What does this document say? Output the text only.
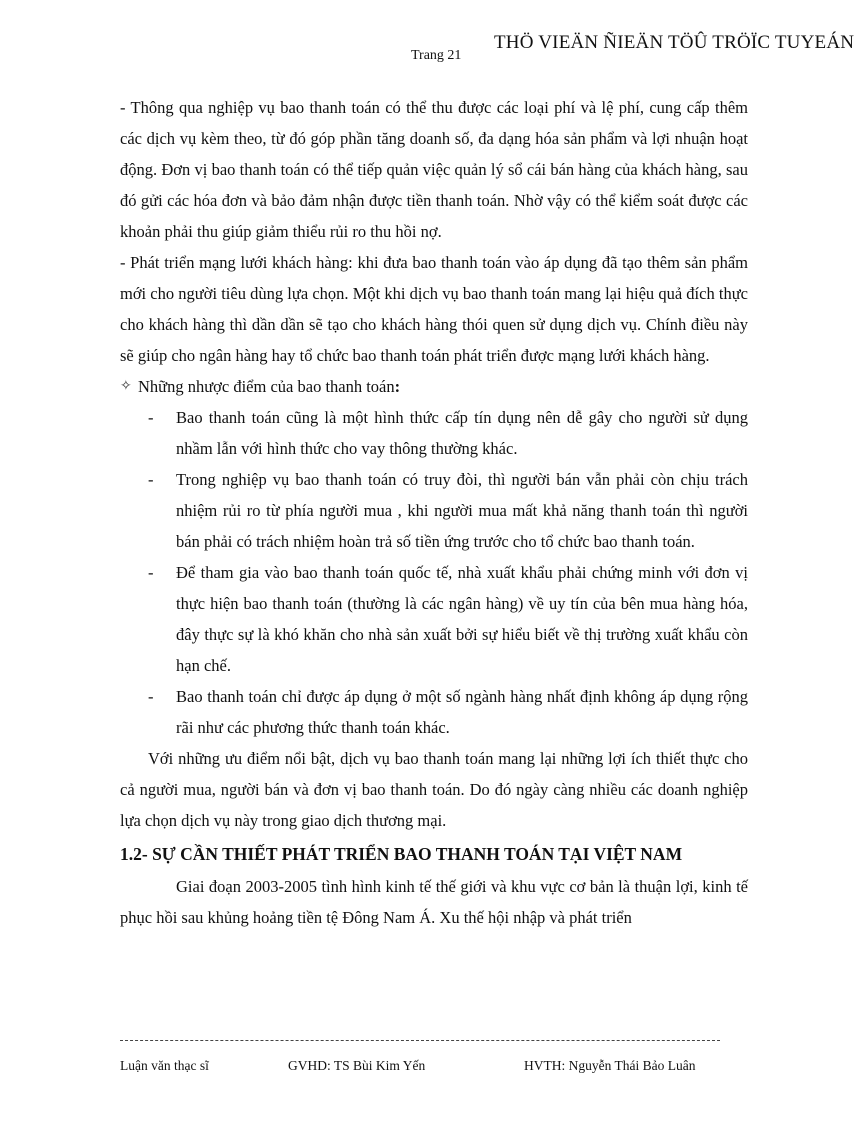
Trang 21
THÖ VIEÄN ÑIEÄN TÖÛ TRÖÏC TUYEÁN

- Thông qua nghiệp vụ bao thanh toán có thể thu được các loại phí và lệ phí, cung cấp thêm các dịch vụ kèm theo, từ đó góp phần tăng doanh số, đa dạng hóa sản phẩm và lợi nhuận hoạt động. Đơn vị bao thanh toán có thể tiếp quản việc quản lý sổ cái bán hàng của khách hàng, sau đó gửi các hóa đơn và bảo đảm nhận được tiền thanh toán. Nhờ vậy có thể kiểm soát được các khoản phải thu giúp giảm thiểu rủi ro thu hồi nợ.

- Phát triển mạng lưới khách hàng: khi đưa bao thanh toán vào áp dụng đã tạo thêm sản phẩm mới cho người tiêu dùng lựa chọn. Một khi dịch vụ bao thanh toán mang lại hiệu quả đích thực cho khách hàng thì dần dần sẽ tạo cho khách hàng thói quen sử dụng dịch vụ. Chính điều này sẽ giúp cho ngân hàng hay tổ chức bao thanh toán phát triển được mạng lưới khách hàng.

✧ Những nhược điểm của bao thanh toán :
-	Bao thanh toán cũng là một hình thức cấp tín dụng nên dễ gây cho người sử dụng nhầm lẫn với hình thức cho vay thông thường khác.
-	Trong nghiệp vụ bao thanh toán có truy đòi, thì người bán vẫn phải còn chịu trách nhiệm rủi ro từ phía người mua , khi người mua mất khả năng thanh toán thì người bán phải có trách nhiệm hoàn trả số tiền ứng trước cho tổ chức bao thanh toán.
-	Để tham gia vào bao thanh toán quốc tế, nhà xuất khẩu phải chứng minh với đơn vị thực hiện bao thanh toán (thường là các ngân hàng) về uy tín của bên mua hàng hóa, đây thực sự là khó khăn cho nhà sản xuất bởi sự hiểu biết về thị trường xuất khẩu còn hạn chế.
-	Bao thanh toán chỉ được áp dụng ở một số ngành hàng nhất định không áp dụng rộng rãi như các phương thức thanh toán khác.

Với những ưu điểm nổi bật, dịch vụ bao thanh toán mang lại những lợi ích thiết thực cho cả người mua, người bán và đơn vị bao thanh toán. Do đó ngày càng nhiều các doanh nghiệp lựa chọn dịch vụ này trong giao dịch thương mại.

1.2- SỰ CẦN THIẾT PHÁT TRIỂN BAO THANH TOÁN TẠI VIỆT NAM

Giai đoạn 2003-2005 tình hình kinh tế thế giới và khu vực cơ bản là thuận lợi, kinh tế phục hồi sau khủng hoảng tiền tệ Đông Nam Á. Xu thế hội nhập và phát triển

Luận văn thạc sĩ	GVHD: TS Bùi Kim Yến	HVTH: Nguyễn Thái Bảo Luân
